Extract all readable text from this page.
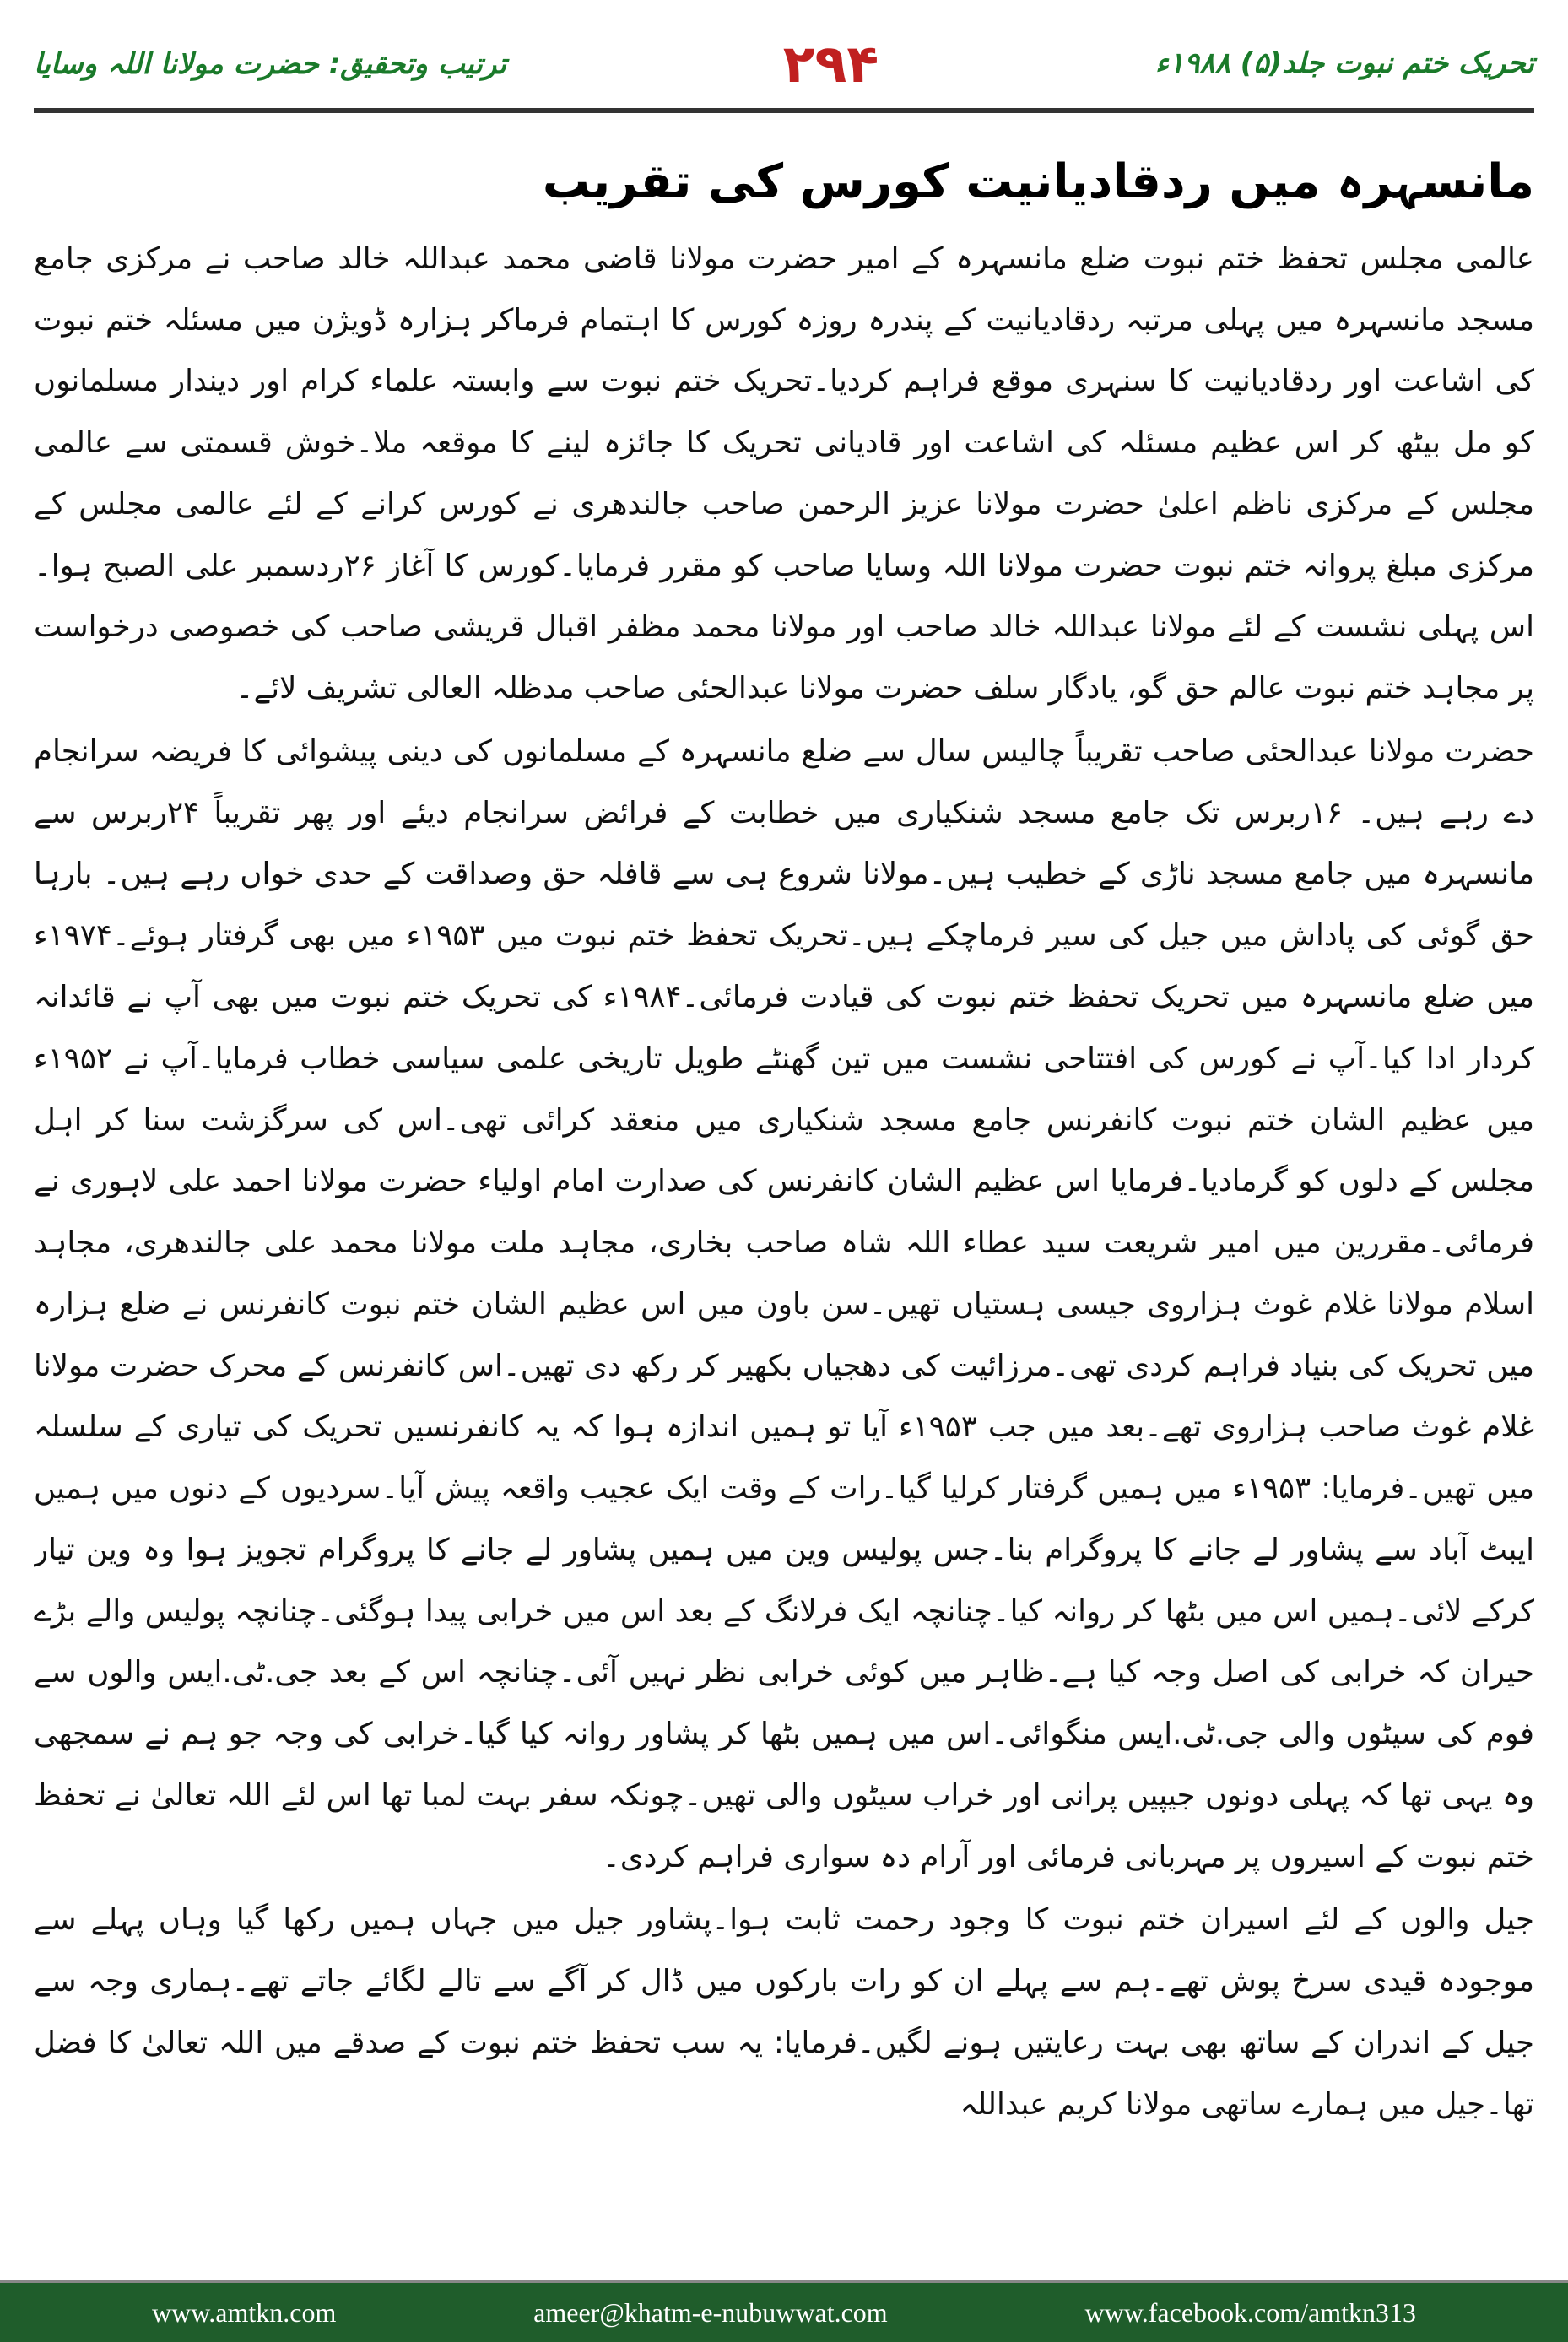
ترتیب وتحقیق: حضرت مولانا اللہ وسایا	۲۹۴	تحریک ختم نبوت جلد(۵) ۱۹۸۸ء
مانسہرہ میں ردقادیانیت کورس کی تقریب

عالمی مجلس تحفظ ختم نبوت ضلع مانسہرہ کے امیر حضرت مولانا قاضی محمد عبداللہ خالد صاحب نے مرکزی جامع مسجد مانسہرہ میں پہلی مرتبہ ردقادیانیت کے پندرہ روزہ کورس کا اہتمام فرماکر ہزارہ ڈویژن میں مسئلہ ختم نبوت کی اشاعت اور ردقادیانیت کا سنہری موقع فراہم کردیا۔تحریک ختم نبوت سے وابستہ علماء کرام اور دیندار مسلمانوں کو مل بیٹھ کر اس عظیم مسئلہ کی اشاعت اور قادیانی تحریک کا جائزہ لینے کا موقعہ ملا۔خوش قسمتی سے عالمی مجلس کے مرکزی ناظم اعلیٰ حضرت مولانا عزیز الرحمن صاحب جالندھری نے کورس کرانے کے لئے عالمی مجلس کے مرکزی مبلغ پروانہ ختم نبوت حضرت مولانا اللہ وسایا صاحب کو مقرر فرمایا۔کورس کا آغاز ۲۶ردسمبر علی الصبح ہوا۔اس پہلی نشست کے لئے مولانا عبداللہ خالد صاحب اور مولانا محمد مظفر اقبال قریشی صاحب کی خصوصی درخواست پر مجاہد ختم نبوت عالم حق گو، یادگار سلف حضرت مولانا عبدالحئی صاحب مدظلہ العالی تشریف لائے۔

حضرت مولانا عبدالحئی صاحب تقریباً چالیس سال سے ضلع مانسہرہ کے مسلمانوں کی دینی پیشوائی کا فریضہ سرانجام دے رہے ہیں۔ ۱۶ربرس تک جامع مسجد شنکیاری میں خطابت کے فرائض سرانجام دیئے اور پھر تقریباً ۲۴ربرس سے مانسہرہ میں جامع مسجد ناڑی کے خطیب ہیں۔مولانا شروع ہی سے قافلہ حق وصداقت کے حدی خواں رہے ہیں۔ بارہا حق گوئی کی پاداش میں جیل کی سیر فرماچکے ہیں۔تحریک تحفظ ختم نبوت میں ۱۹۵۳ء میں بھی گرفتار ہوئے۔۱۹۷۴ء میں ضلع مانسہرہ میں تحریک تحفظ ختم نبوت کی قیادت فرمائی۔۱۹۸۴ء کی تحریک ختم نبوت میں بھی آپ نے قائدانہ کردار ادا کیا۔آپ نے کورس کی افتتاحی نشست میں تین گھنٹے طویل تاریخی علمی سیاسی خطاب فرمایا۔آپ نے ۱۹۵۲ء میں عظیم الشان ختم نبوت کانفرنس جامع مسجد شنکیاری میں منعقد کرائی تھی۔اس کی سرگزشت سنا کر اہل مجلس کے دلوں کو گرمادیا۔فرمایا اس عظیم الشان کانفرنس کی صدارت امام اولیاء حضرت مولانا احمد علی لاہوری نے فرمائی۔مقررین میں امیر شریعت سید عطاء اللہ شاہ صاحب بخاری، مجاہد ملت مولانا محمد علی جالندھری، مجاہد اسلام مولانا غلام غوث ہزاروی جیسی ہستیاں تھیں۔سن باون میں اس عظیم الشان ختم نبوت کانفرنس نے ضلع ہزارہ میں تحریک کی بنیاد فراہم کردی تھی۔مرزائیت کی دھجیاں بکھیر کر رکھ دی تھیں۔اس کانفرنس کے محرک حضرت مولانا غلام غوث صاحب ہزاروی تھے۔بعد میں جب ۱۹۵۳ء آیا تو ہمیں اندازہ ہوا کہ یہ کانفرنسیں تحریک کی تیاری کے سلسلہ میں تھیں۔فرمایا: ۱۹۵۳ء میں ہمیں گرفتار کرلیا گیا۔رات کے وقت ایک عجیب واقعہ پیش آیا۔سردیوں کے دنوں میں ہمیں ایبٹ آباد سے پشاور لے جانے کا پروگرام بنا۔جس پولیس وین میں ہمیں پشاور لے جانے کا پروگرام تجویز ہوا وہ وین تیار کرکے لائی۔ہمیں اس میں بٹھا کر روانہ کیا۔چنانچہ ایک فرلانگ کے بعد اس میں خرابی پیدا ہوگئی۔چنانچہ پولیس والے بڑے حیران کہ خرابی کی اصل وجہ کیا ہے۔ظاہر میں کوئی خرابی نظر نہیں آئی۔چنانچہ اس کے بعد جی.ٹی.ایس والوں سے فوم کی سیٹوں والی جی.ٹی.ایس منگوائی۔اس میں ہمیں بٹھا کر پشاور روانہ کیا گیا۔خرابی کی وجہ جو ہم نے سمجھی وہ یہی تھا کہ پہلی دونوں جیپیں پرانی اور خراب سیٹوں والی تھیں۔چونکہ سفر بہت لمبا تھا اس لئے اللہ تعالیٰ نے تحفظ ختم نبوت کے اسیروں پر مہربانی فرمائی اور آرام دہ سواری فراہم کردی۔

جیل والوں کے لئے اسیران ختم نبوت کا وجود رحمت ثابت ہوا۔پشاور جیل میں جہاں ہمیں رکھا گیا وہاں پہلے سے موجودہ قیدی سرخ پوش تھے۔ہم سے پہلے ان کو رات بارکوں میں ڈال کر آگے سے تالے لگائے جاتے تھے۔ہماری وجہ سے جیل کے اندران کے ساتھ بھی بہت رعایتیں ہونے لگیں۔فرمایا: یہ سب تحفظ ختم نبوت کے صدقے میں اللہ تعالیٰ کا فضل تھا۔جیل میں ہمارے ساتھی مولانا کریم عبداللہ

www.amtkn.com	ameer@khatm-e-nubuwwat.com	www.facebook.com/amtkn313
